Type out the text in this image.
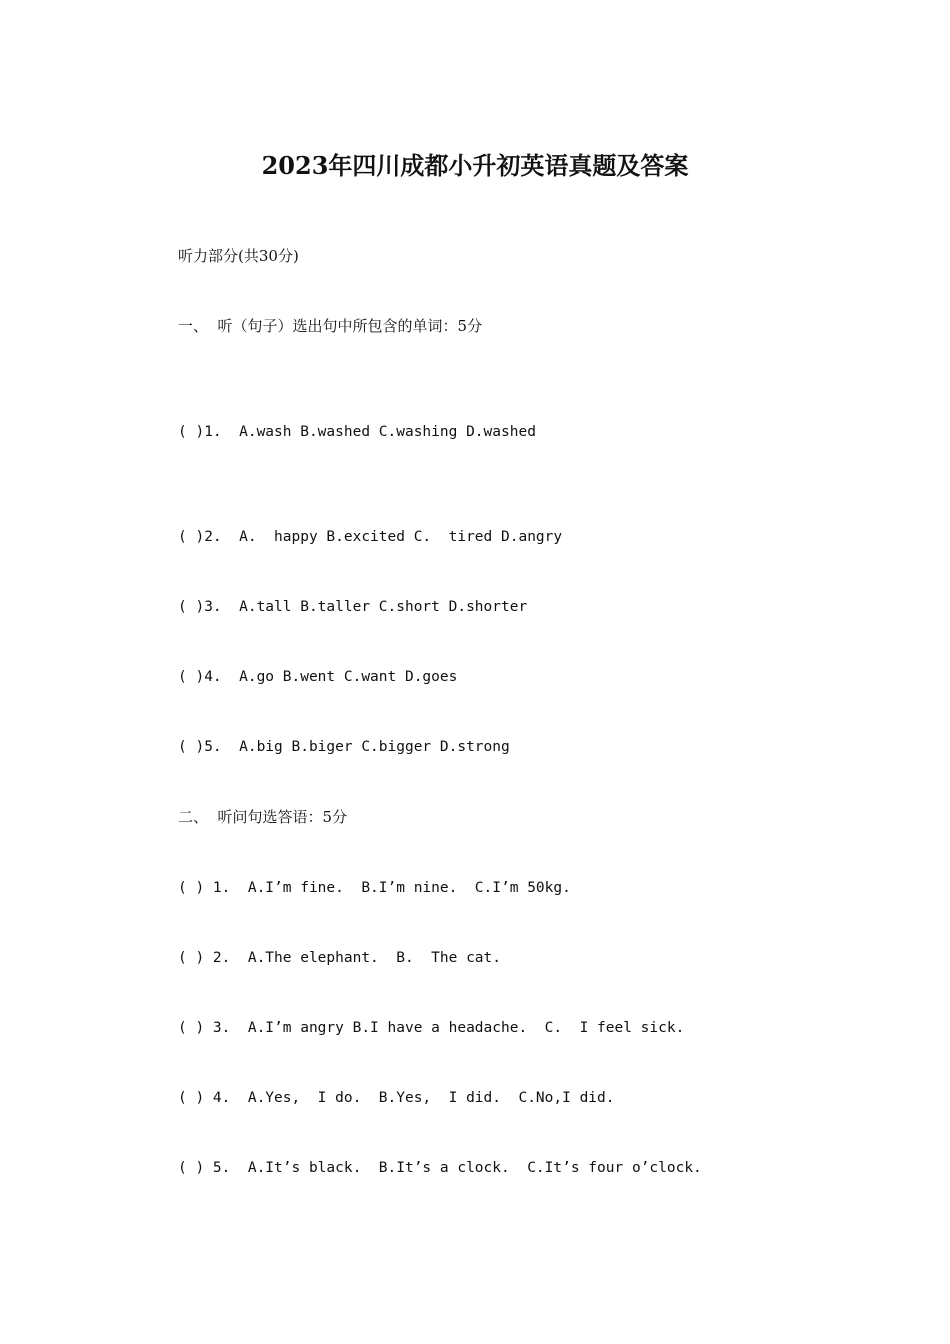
2023年四川成都小升初英语真题及答案

听力部分(共30分)

一、  听（句子）选出句中所包含的单词：5分

( )1.  A.wash B.washed C.washing D.washed

( )2.  A.  happy B.excited C.  tired D.angry

( )3.  A.tall B.taller C.short D.shorter

( )4.  A.go B.went C.want D.goes

( )5.  A.big B.biger C.bigger D.strong

二、  听问句选答语：5分

( ) 1.  A.I’m fine.  B.I’m nine.  C.I’m 50kg.

( ) 2.  A.The elephant.  B.  The cat.

( ) 3.  A.I’m angry B.I have a headache.  C.  I feel sick.

( ) 4.  A.Yes,  I do.  B.Yes,  I did.  C.No,I did.

( ) 5.  A.It’s black.  B.It’s a clock.  C.It’s four o’clock.
